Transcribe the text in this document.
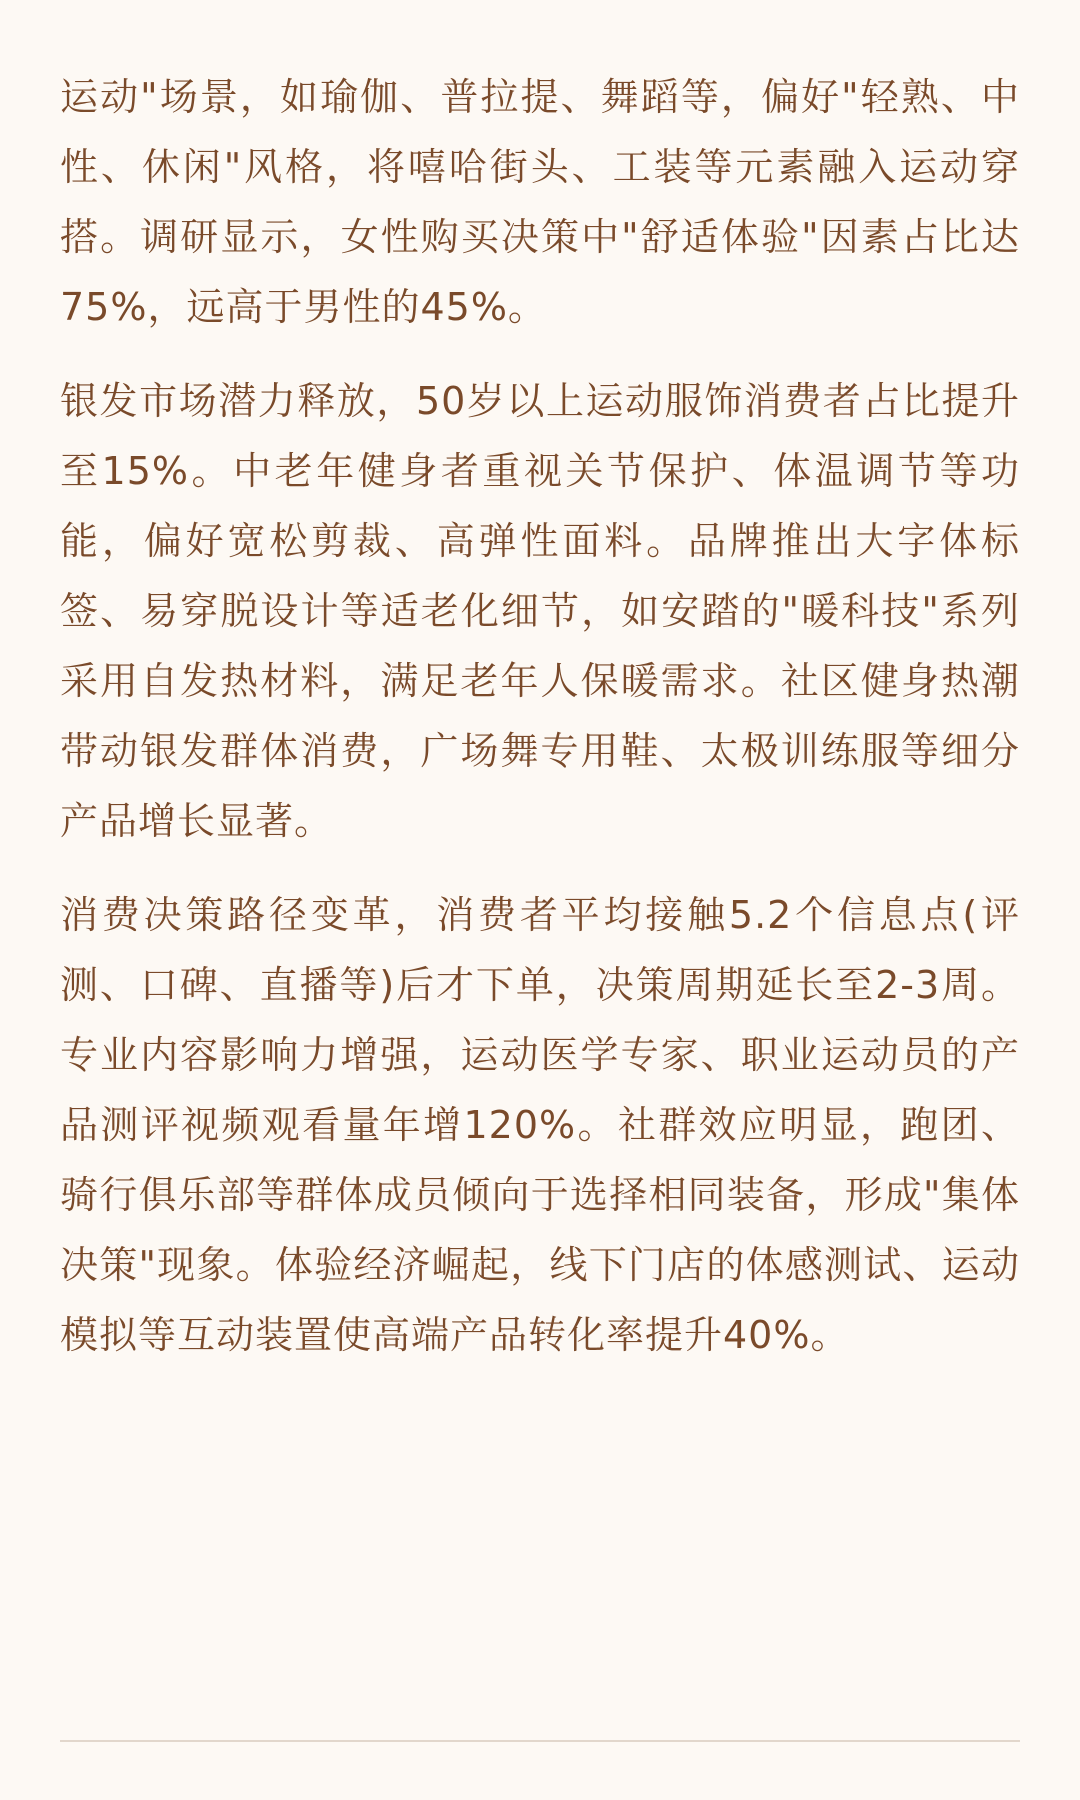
运动"场景，如瑜伽、普拉提、舞蹈等，偏好"轻熟、中性、休闲"风格，将嘻哈街头、工装等元素融入运动穿搭。调研显示，女性购买决策中"舒适体验"因素占比达75%，远高于男性的45%。

银发市场潜力释放，50岁以上运动服饰消费者占比提升至15%。中老年健身者重视关节保护、体温调节等功能，偏好宽松剪裁、高弹性面料。品牌推出大字体标签、易穿脱设计等适老化细节，如安踏的"暖科技"系列采用自发热材料，满足老年人保暖需求。社区健身热潮带动银发群体消费，广场舞专用鞋、太极训练服等细分产品增长显著。

消费决策路径变革，消费者平均接触5.2个信息点(评测、口碑、直播等)后才下单，决策周期延长至2-3周。专业内容影响力增强，运动医学专家、职业运动员的产品测评视频观看量年增120%。社群效应明显，跑团、骑行俱乐部等群体成员倾向于选择相同装备，形成"集体决策"现象。体验经济崛起，线下门店的体感测试、运动模拟等互动装置使高端产品转化率提升40%。
